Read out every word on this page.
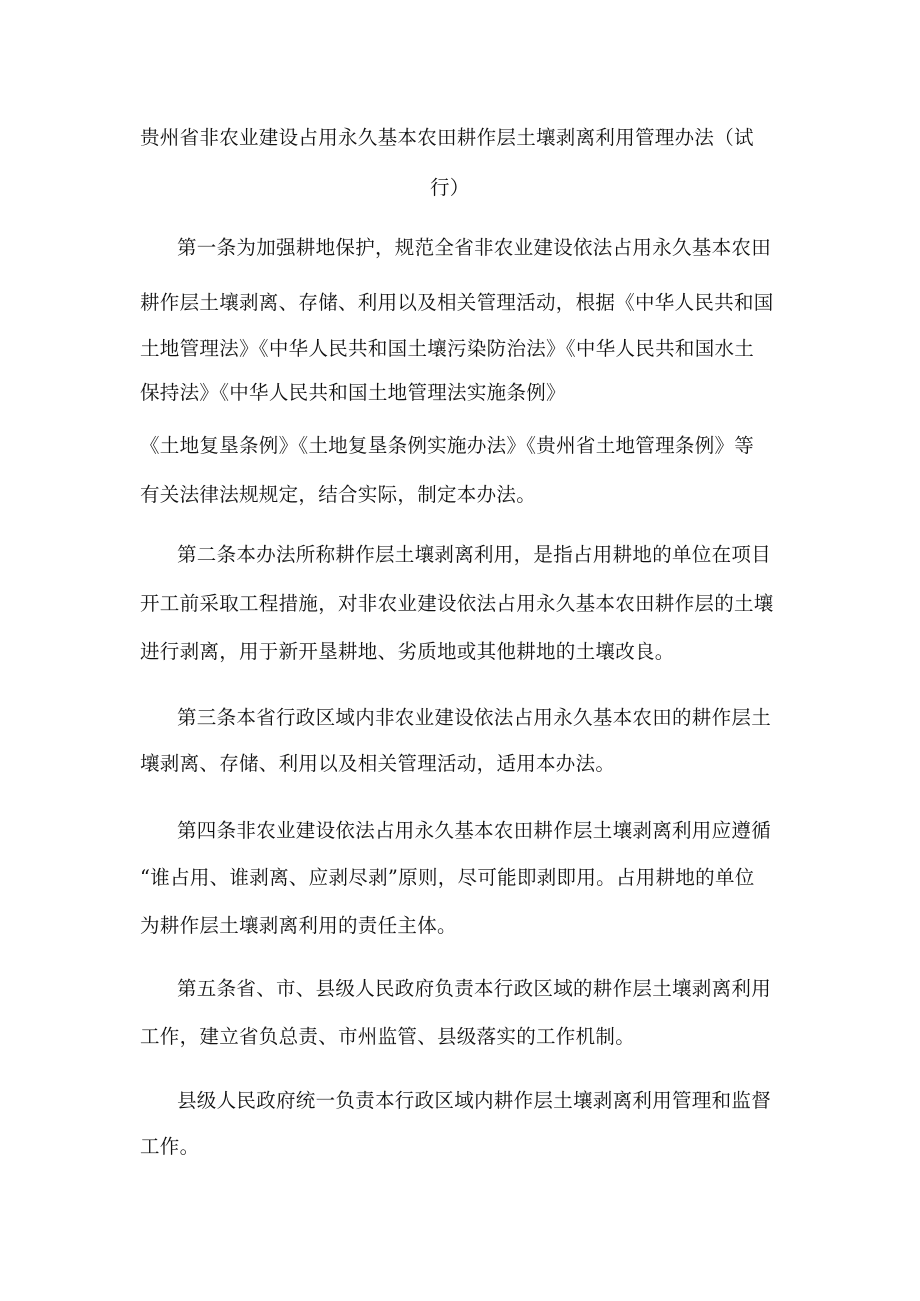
贵州省非农业建设占用永久基本农田耕作层土壤剥离利用管理办法（试
行）
第一条为加强耕地保护，规范全省非农业建设依法占用永久基本农田
耕作层土壤剥离、存储、利用以及相关管理活动，根据《中华人民共和国
土地管理法》《中华人民共和国土壤污染防治法》《中华人民共和国水土
保持法》《中华人民共和国土地管理法实施条例》
《土地复垦条例》《土地复垦条例实施办法》《贵州省土地管理条例》等
有关法律法规规定，结合实际，制定本办法。
第二条本办法所称耕作层土壤剥离利用，是指占用耕地的单位在项目
开工前采取工程措施，对非农业建设依法占用永久基本农田耕作层的土壤
进行剥离，用于新开垦耕地、劣质地或其他耕地的土壤改良。
第三条本省行政区域内非农业建设依法占用永久基本农田的耕作层土
壤剥离、存储、利用以及相关管理活动，适用本办法。
第四条非农业建设依法占用永久基本农田耕作层土壤剥离利用应遵循
“谁占用、谁剥离、应剥尽剥”原则，尽可能即剥即用。占用耕地的单位
为耕作层土壤剥离利用的责任主体。
第五条省、市、县级人民政府负责本行政区域的耕作层土壤剥离利用
工作，建立省负总责、市州监管、县级落实的工作机制。
县级人民政府统一负责本行政区域内耕作层土壤剥离利用管理和监督
工作。
